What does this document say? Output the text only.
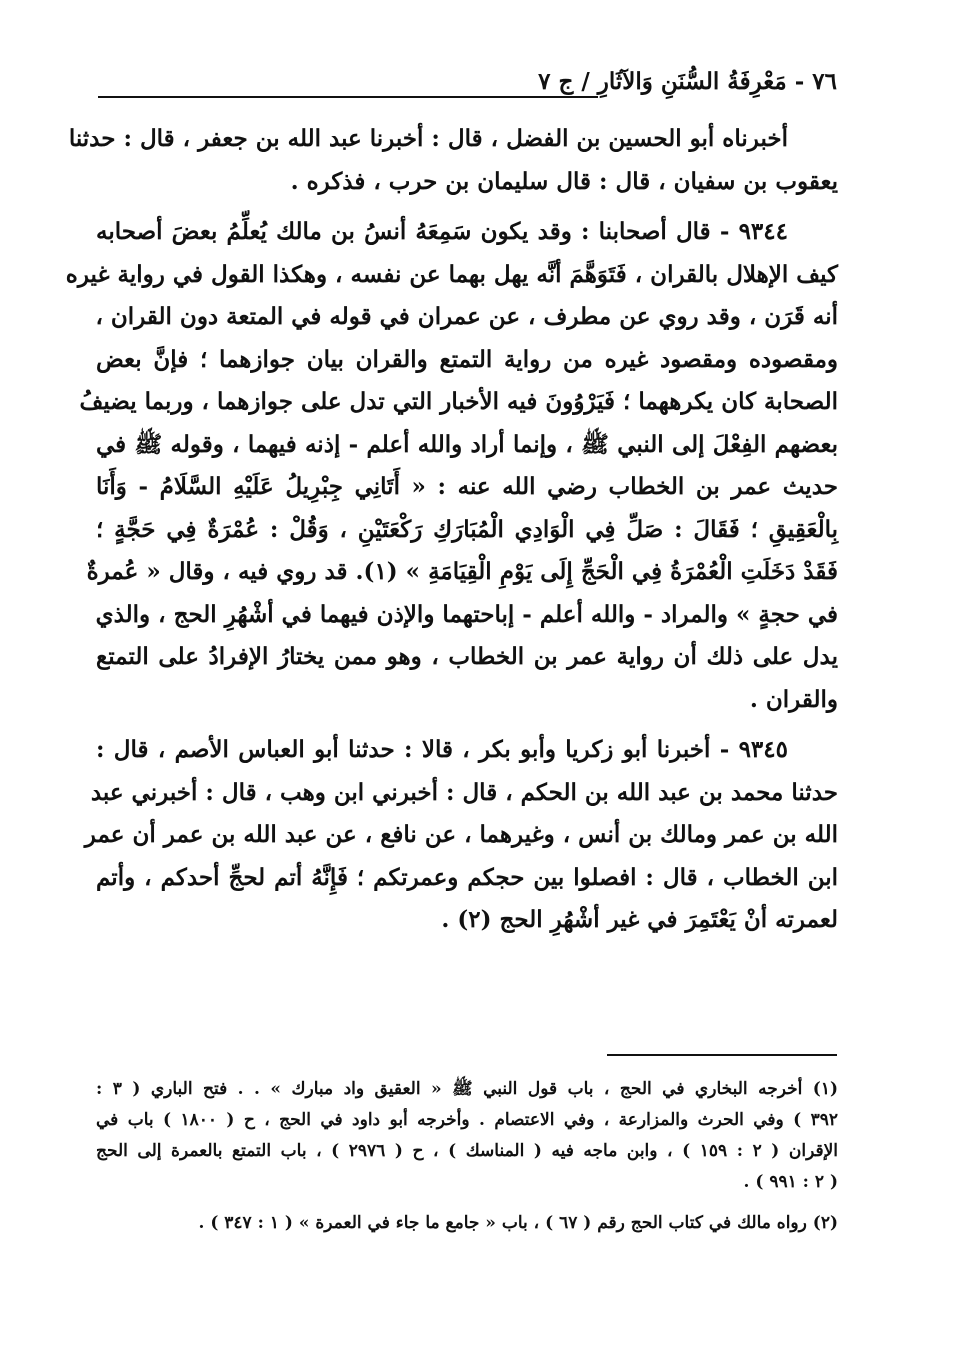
٧٦ - مَعْرِفَةُ السُّنَنِ وَالآثَارِ / ج ٧

أخبرناه أبو الحسين بن الفضل ، قال : أخبرنا عبد الله بن جعفر ، قال : حدثنا
يعقوب بن سفيان ، قال : قال سليمان بن حرب ، فذكره .

٩٣٤٤ - قال أصحابنا : وقد يكون سَمِعَهُ أنسُ بن مالك يُعلِّمُ بعضَ أصحابه
كيف الإهلال بالقران ، فَتَوَهَّمَ أنَّه يهل بهما عن نفسه ، وهكذا القول في رواية غيره
أنه قَرَن ، وقد روي عن مطرف ، عن عمران في قوله في المتعة دون القران ،
ومقصوده ومقصود غيره من رواية التمتع والقران بيان جوازهما ؛ فإنَّ بعض
الصحابة كان يكرههما ؛ فَيَرْوُونَ فيه الأخبار التي تدل على جوازهما ، وربما يضيفُ
بعضهم الفِعْلَ إلى النبي ﷺ ، وإنما أراد والله أعلم - إذنه فيهما ، وقوله ﷺ في
حديث عمر بن الخطاب رضي الله عنه : « أَتَانِي جِبْرِيلُ عَلَيْهِ السَّلَامُ - وَأَنَا
بِالْعَقِيقِ ؛ فَقَالَ : صَلِّ فِي الْوَادِي الْمُبَارَكِ رَكْعَتَيْنِ ، وَقُلْ : عُمْرَةٌ فِي حَجَّةٍ ؛
فَقَدْ دَخَلَتِ الْعُمْرَةُ فِي الْحَجِّ إِلَى يَوْمِ الْقِيَامَةِ » (١). قد روي فيه ، وقال « عُمرةٌ
في حجةٍ » والمراد - والله أعلم - إباحتهما والإذن فيهما في أشْهُرِ الحج ، والذي
يدل على ذلك أن رواية عمر بن الخطاب ، وهو ممن يختارُ الإفرادُ على التمتع
والقران .

٩٣٤٥ - أخبرنا أبو زكريا وأبو بكر ، قالا : حدثنا أبو العباس الأصم ، قال :
حدثنا محمد بن عبد الله بن الحكم ، قال : أخبرني ابن وهب ، قال : أخبرني عبد
الله بن عمر ومالك بن أنس ، وغيرهما ، عن نافع ، عن عبد الله بن عمر أن عمر
ابن الخطاب ، قال : افصلوا بين حجكم وعمرتكم ؛ فَإِنَّهُ أتم لحجِّ أحدكم ، وأتم
لعمرته أنْ يَعْتَمِرَ في غير أشْهُرِ الحج (٢) .

(١) أخرجه البخاري في الحج ، باب قول النبي ﷺ « العقيق واد مبارك » . . فتح الباري ( ٣ :
٣٩٢ ) وفي الحرث والمزارعة ، وفي الاعتصام . وأخرجه أبو داود في الحج ، ح ( ١٨٠٠ ) باب في
الإقران ( ٢ : ١٥٩ ) ، وابن ماجه فيه ( المناسك ) ، ح ( ٢٩٧٦ ) ، باب التمتع بالعمرة إلى الحج
( ٢ : ٩٩١ ) .

(٢) رواه مالك في كتاب الحج رقم ( ٦٧ ) ، باب « جامع ما جاء في العمرة » ( ١ : ٣٤٧ ) .
